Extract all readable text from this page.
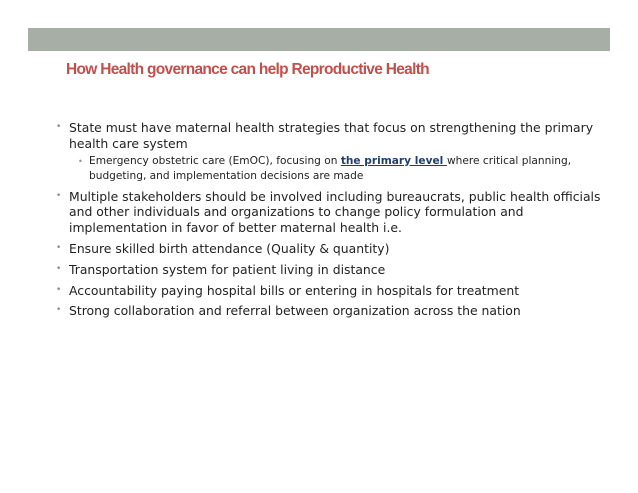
How Health governance can help Reproductive Health
• State must have maternal health strategies that focus on strengthening the primary health care system
• Emergency obstetric care (EmOC), focusing on the primary level where critical planning, budgeting, and implementation decisions are made
• Multiple stakeholders should be involved including bureaucrats, public health officials and other individuals and organizations to change policy formulation and implementation in favor of better maternal health i.e.
• Ensure skilled birth attendance (Quality & quantity)
• Transportation system for patient living in distance
• Accountability paying hospital bills or entering in hospitals for treatment
• Strong collaboration and referral between organization across the nation
